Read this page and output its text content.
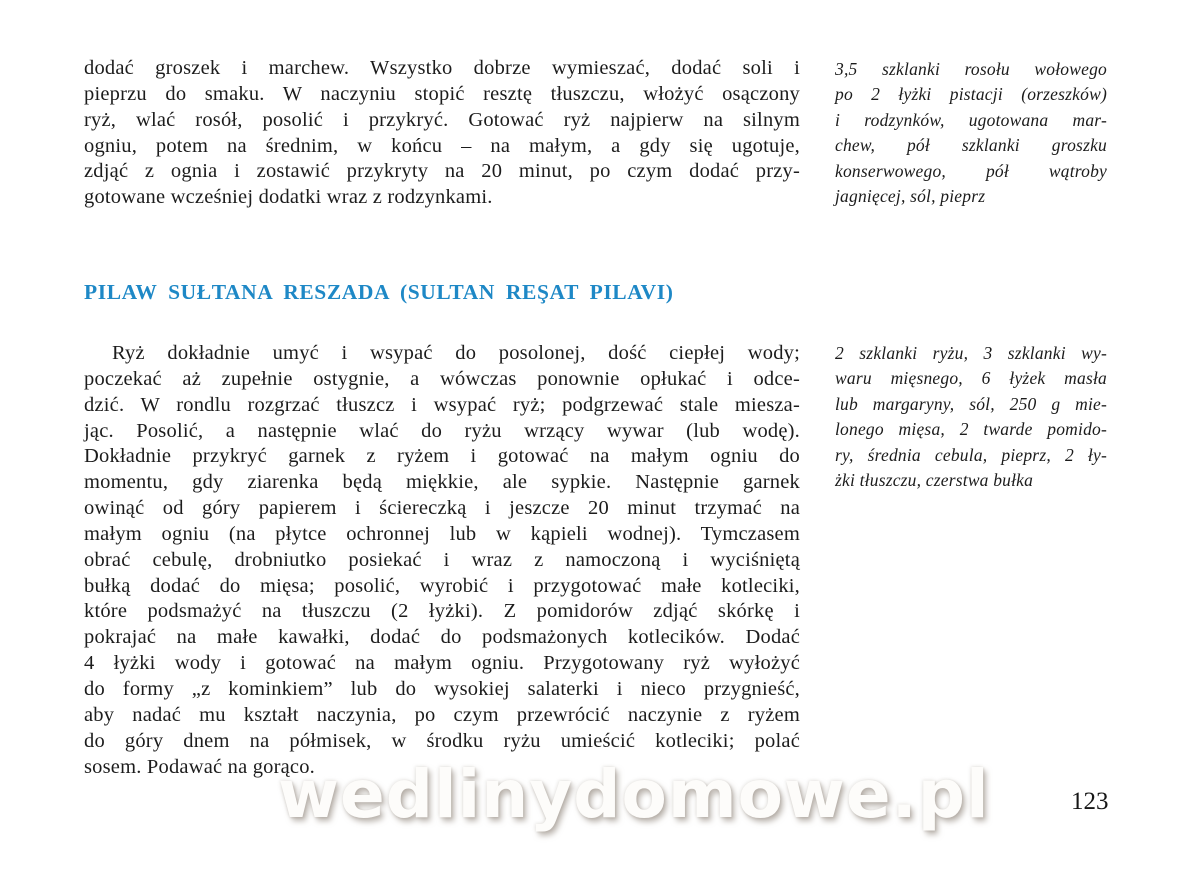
dodać groszek i marchew. Wszystko dobrze wymieszać, dodać soli i
pieprzu do smaku. W naczyniu stopić resztę tłuszczu, włożyć osączony
ryż, wlać rosół, posolić i przykryć. Gotować ryż najpierw na silnym
ogniu, potem na średnim, w końcu – na małym, a gdy się ugotuje,
zdjąć z ognia i zostawić przykryty na 20 minut, po czym dodać przy-
gotowane wcześniej dodatki wraz z rodzynkami.
3,5 szklanki rosołu wołowego
po 2 łyżki pistacji (orzeszków)
i rodzynków, ugotowana mar-
chew, pół szklanki groszku
konserwowego, pół wątroby
jagnięcej, sól, pieprz
PILAW SUŁTANA RESZADA (SULTAN REŞAT PILAVI)
Ryż dokładnie umyć i wsypać do posolonej, dość ciepłej wody;
poczekać aż zupełnie ostygnie, a wówczas ponownie opłukać i odce-
dzić. W rondlu rozgrzać tłuszcz i wsypać ryż; podgrzewać stale miesza-
jąc. Posolić, a następnie wlać do ryżu wrzący wywar (lub wodę).
Dokładnie przykryć garnek z ryżem i gotować na małym ogniu do
momentu, gdy ziarenka będą miękkie, ale sypkie. Następnie garnek
owinąć od góry papierem i ściereczką i jeszcze 20 minut trzymać na
małym ogniu (na płytce ochronnej lub w kąpieli wodnej). Tymczasem
obrać cebulę, drobniutko posiekać i wraz z namoczoną i wyciśniętą
bułką dodać do mięsa; posolić, wyrobić i przygotować małe kotleciki,
które podsmażyć na tłuszczu (2 łyżki). Z pomidorów zdjąć skórkę i
pokrajać na małe kawałki, dodać do podsmażonych kotlecików. Dodać
4 łyżki wody i gotować na małym ogniu. Przygotowany ryż wyłożyć
do formy „z kominkiem” lub do wysokiej salaterki i nieco przygnieść,
aby nadać mu kształt naczynia, po czym przewrócić naczynie z ryżem
do góry dnem na półmisek, w środku ryżu umieścić kotleciki; polać
sosem. Podawać na gorąco.
2 szklanki ryżu, 3 szklanki wy-
waru mięsnego, 6 łyżek masła
lub margaryny, sól, 250 g mie-
lonego mięsa, 2 twarde pomido-
ry, średnia cebula, pieprz, 2 ły-
żki tłuszczu, czerstwa bułka
wedlinydomowe.pl	123
